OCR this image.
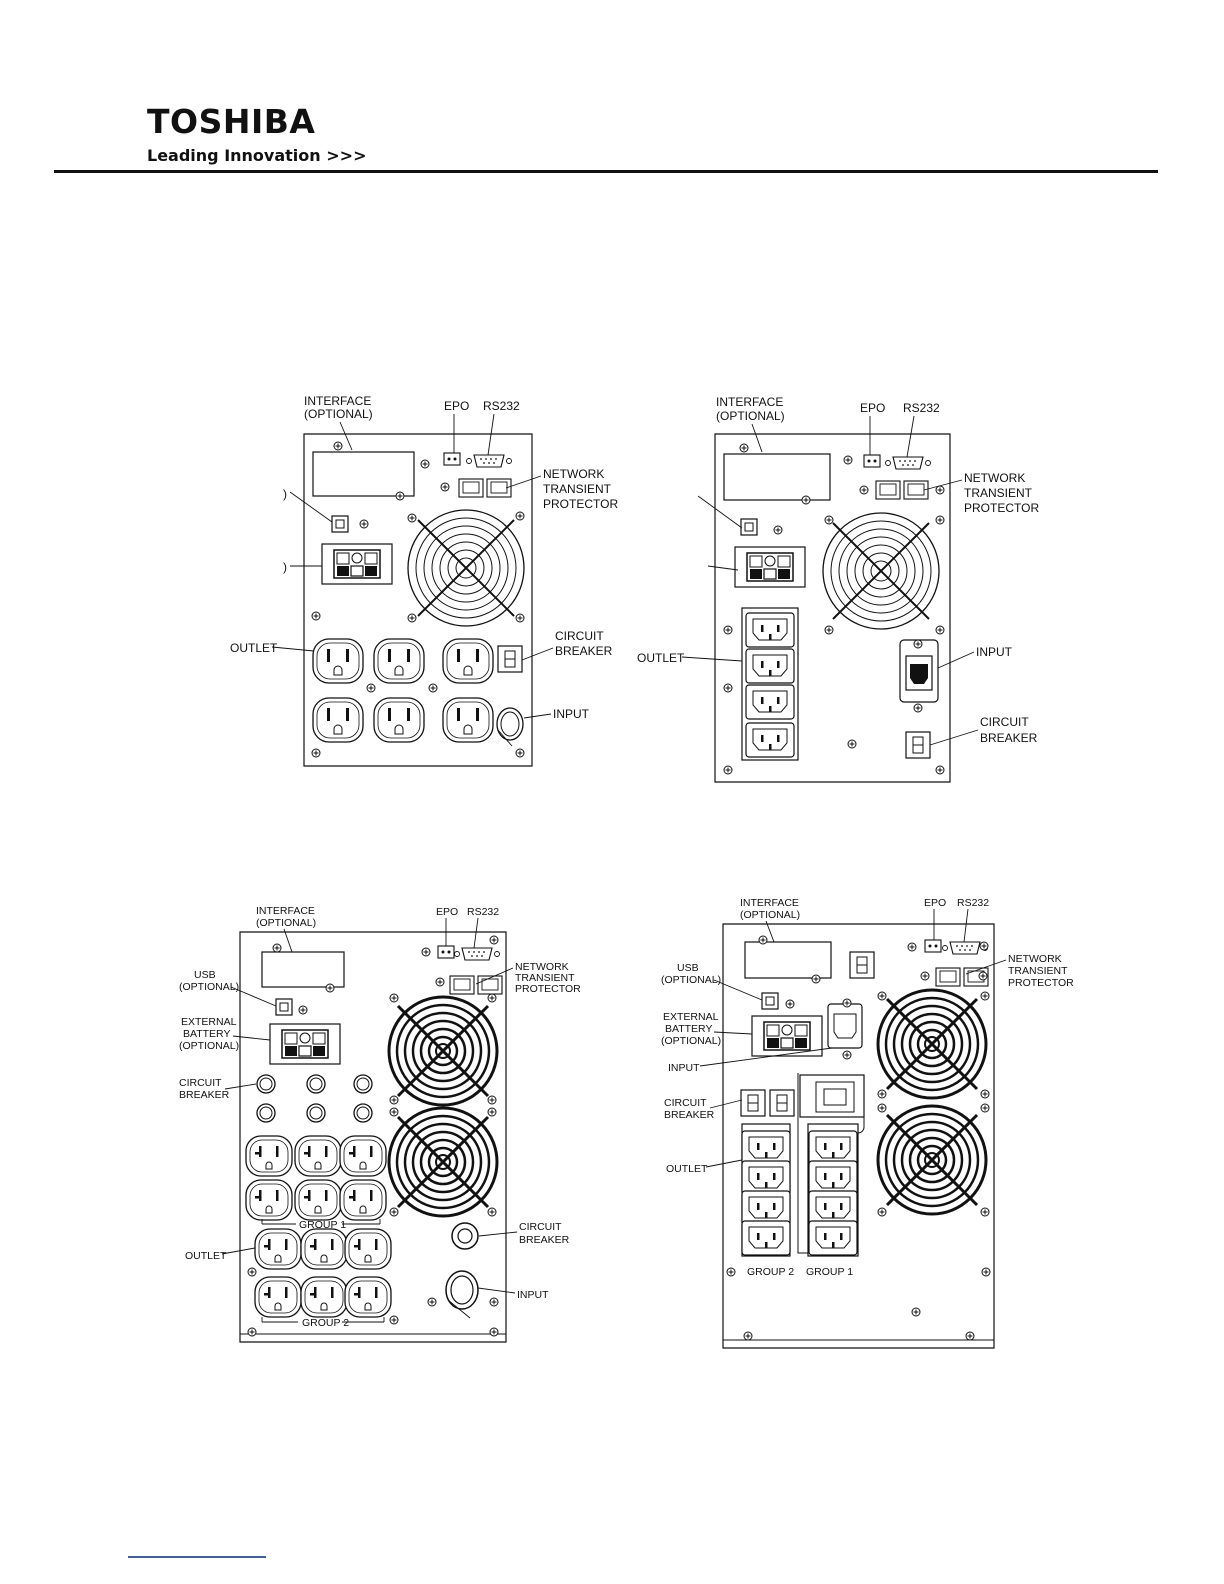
TOSHIBA
Leading Innovation >>>
INTERFACE
(OPTIONAL)
EPO RS232
NETWORK
TRANSIENT
PROTECTOR
)
)
OUTLET
CIRCUIT
BREAKER
INPUT
INTERFACE
(OPTIONAL)
EPO RS232
NETWORK
TRANSIENT
PROTECTOR
OUTLET	INPUT
CIRCUIT
BREAKER
GROUP 1
GROUP 2
INTERFACE
(OPTIONAL)
EPO RS232
NETWORK
TRANSIENT
PROTECTOR
USB
(OPTIONAL)
EXTERNAL
BATTERY
(OPTIONAL)
CIRCUIT
BREAKER
OUTLET
CIRCUIT
BREAKER
INPUT
GROUP 2 GROUP 1
INTERFACE
(OPTIONAL)
EPO RS232
NETWORK
TRANSIENT
PROTECTOR
USB
(OPTIONAL)
EXTERNAL
BATTERY
(OPTIONAL)
INPUT
CIRCUIT
BREAKER
OUTLET
